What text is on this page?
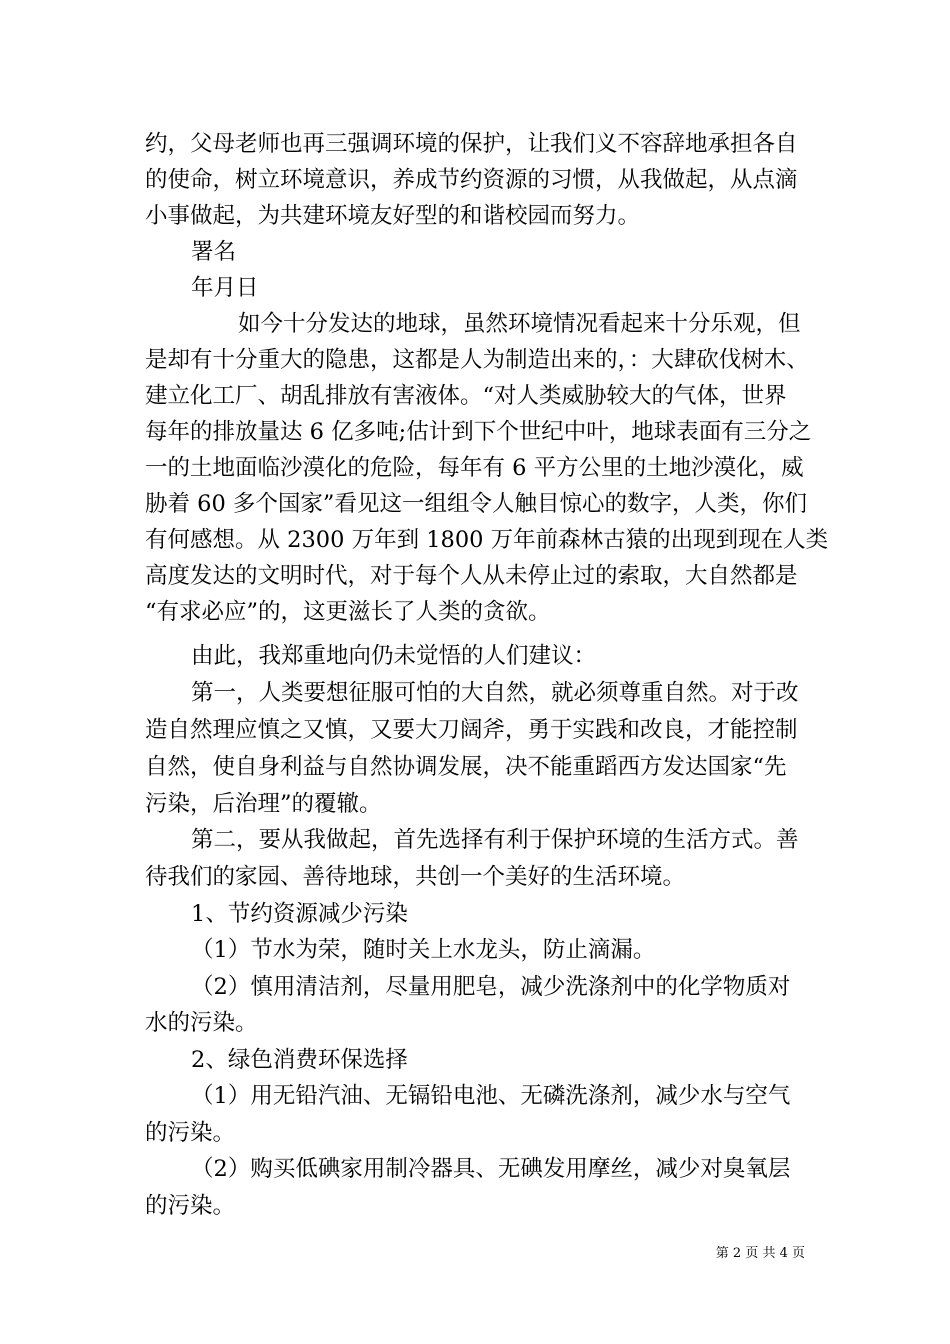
约，父母老师也再三强调环境的保护，让我们义不容辞地承担各自
的使命，树立环境意识，养成节约资源的习惯，从我做起，从点滴
小事做起，为共建环境友好型的和谐校园而努力。
署名
年月日
如今十分发达的地球，虽然环境情况看起来十分乐观，但
是却有十分重大的隐患，这都是人为制造出来的，：大肆砍伐树木、
建立化工厂、胡乱排放有害液体。“对人类威胁较大的气体，世界
每年的排放量达 6 亿多吨;估计到下个世纪中叶，地球表面有三分之
一的土地面临沙漠化的危险，每年有 6 平方公里的土地沙漠化，威
胁着 60 多个国家”看见这一组组令人触目惊心的数字，人类，你们
有何感想。从 2300 万年到 1800 万年前森林古猿的出现到现在人类
高度发达的文明时代，对于每个人从未停止过的索取，大自然都是
“有求必应”的，这更滋长了人类的贪欲。
由此，我郑重地向仍未觉悟的人们建议：
第一，人类要想征服可怕的大自然，就必须尊重自然。对于改
造自然理应慎之又慎，又要大刀阔斧，勇于实践和改良，才能控制
自然，使自身利益与自然协调发展，决不能重蹈西方发达国家“先
污染，后治理”的覆辙。
第二，要从我做起，首先选择有利于保护环境的生活方式。善
待我们的家园、善待地球，共创一个美好的生活环境。
1、节约资源减少污染
（1）节水为荣，随时关上水龙头，防止滴漏。
（2）慎用清洁剂，尽量用肥皂，减少洗涤剂中的化学物质对
水的污染。
2、绿色消费环保选择
（1）用无铅汽油、无镉铅电池、无磷洗涤剂，减少水与空气
的污染。
（2）购买低碘家用制冷器具、无碘发用摩丝，减少对臭氧层
的污染。
第 2 页 共 4 页
